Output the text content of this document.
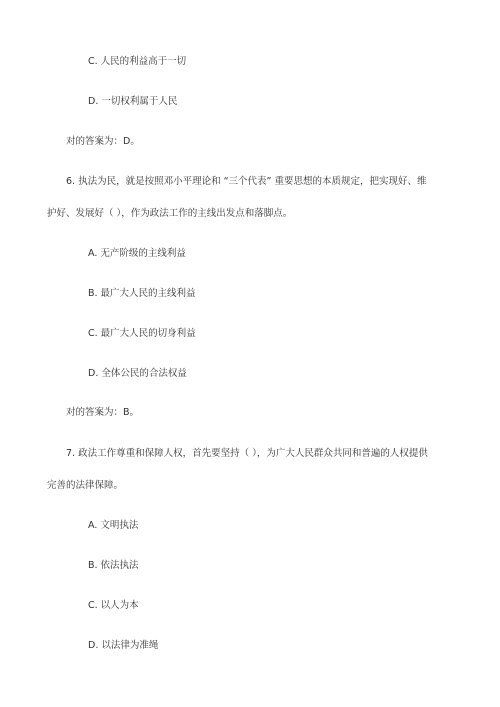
C. 人民的利益高于一切
D. 一切权利属于人民
对的答案为：D。
6. 执法为民，就是按照邓小平理论和 “三个代表” 重要思想的本质规定，把实现好、维
护好、发展好（ ），作为政法工作的主线出发点和落脚点。
A. 无产阶级的主线利益
B. 最广大人民的主线利益
C. 最广大人民的切身利益
D. 全体公民的合法权益
对的答案为：B。
7. 政法工作尊重和保障人权，首先要坚持（ ），为广大人民群众共同和普遍的人权提供
完善的法律保障。
A. 文明执法
B. 依法执法
C. 以人为本
D. 以法律为准绳
